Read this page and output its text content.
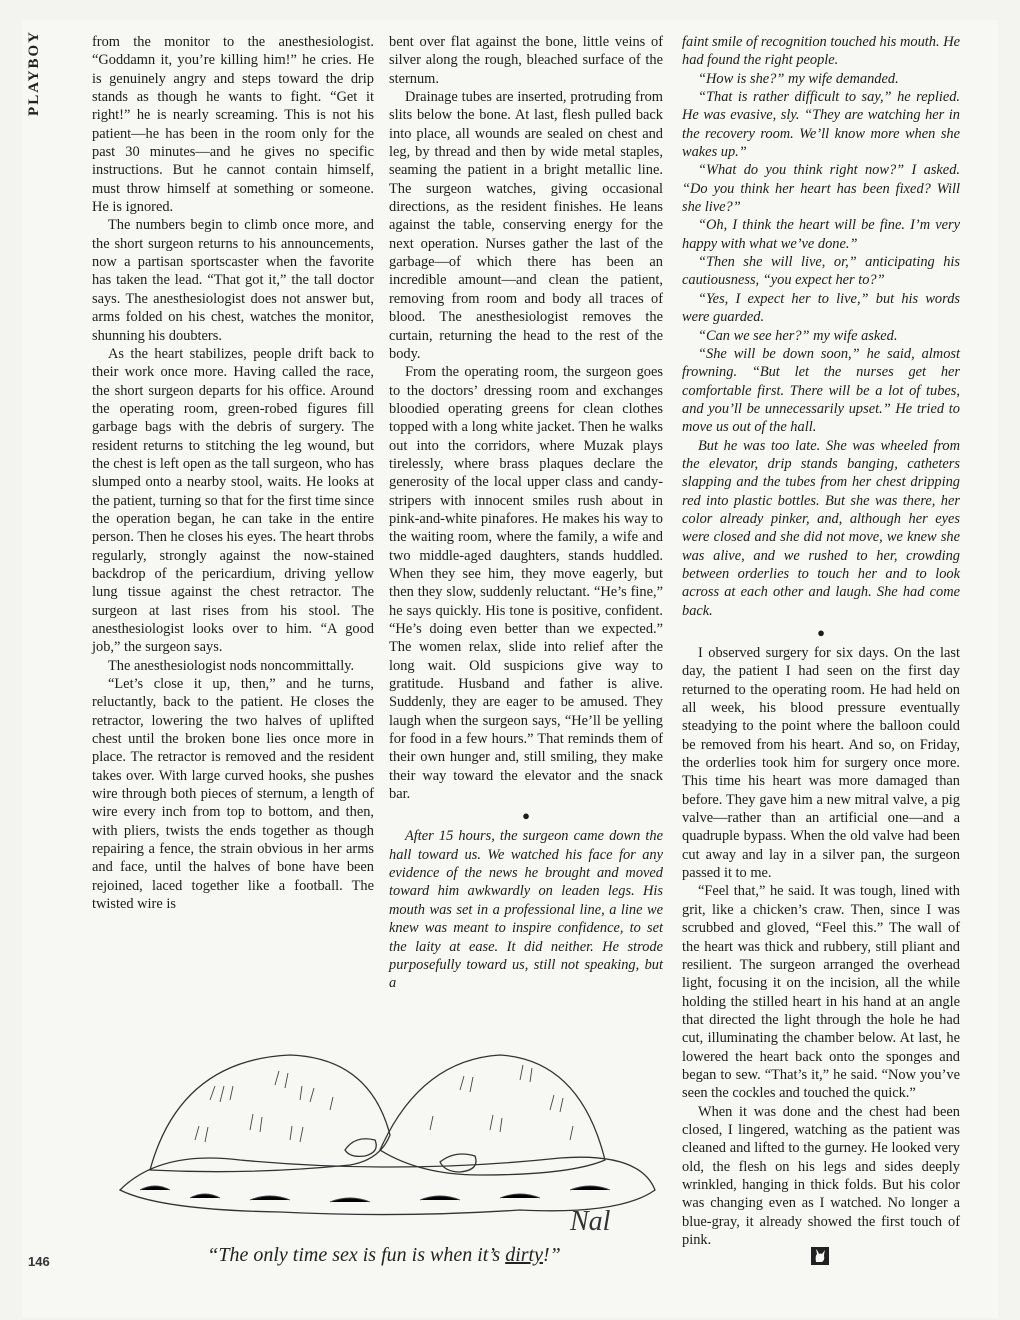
PLAYBOY	from the monitor to the anesthesiologist. “Goddamn it, you’re killing him!” he cries. He is genuinely angry and steps toward the drip stands as though he wants to fight. “Get it right!” he is nearly screaming. This is not his patient—he has been in the room only for the past 30 minutes—and he gives no specific instructions. But he cannot contain himself, must throw himself at something or someone. He is ignored.

The numbers begin to climb once more, and the short surgeon returns to his announcements, now a partisan sportscaster when the favorite has taken the lead. “That got it,” the tall doctor says. The anesthesiologist does not answer but, arms folded on his chest, watches the monitor, shunning his doubters.

As the heart stabilizes, people drift back to their work once more. Having called the race, the short surgeon departs for his office. Around the operating room, green-robed figures fill garbage bags with the debris of surgery. The resident returns to stitching the leg wound, but the chest is left open as the tall surgeon, who has slumped onto a nearby stool, waits. He looks at the patient, turning so that for the first time since the operation began, he can take in the entire person. Then he closes his eyes. The heart throbs regularly, strongly against the now-stained backdrop of the pericardium, driving yellow lung tissue against the chest retractor. The surgeon at last rises from his stool. The anesthesiologist looks over to him. “A good job,” the surgeon says.

The anesthesiologist nods noncommittally.

“Let’s close it up, then,” and he turns, reluctantly, back to the patient. He closes the retractor, lowering the two halves of uplifted chest until the broken bone lies once more in place. The retractor is removed and the resident takes over. With large curved hooks, she pushes wire through both pieces of sternum, a length of wire every inch from top to bottom, and then, with pliers, twists the ends together as though repairing a fence, the strain obvious in her arms and face, until the halves of bone have been rejoined, laced together like a football. The twisted wire is

bent over flat against the bone, little veins of silver along the rough, bleached surface of the sternum.

Drainage tubes are inserted, protruding from slits below the bone. At last, flesh pulled back into place, all wounds are sealed on chest and leg, by thread and then by wide metal staples, seaming the patient in a bright metallic line. The surgeon watches, giving occasional directions, as the resident finishes. He leans against the table, conserving energy for the next operation. Nurses gather the last of the garbage—of which there has been an incredible amount—and clean the patient, removing from room and body all traces of blood. The anesthesiologist removes the curtain, returning the head to the rest of the body.

From the operating room, the surgeon goes to the doctors’ dressing room and exchanges bloodied operating greens for clean clothes topped with a long white jacket. Then he walks out into the corridors, where Muzak plays tirelessly, where brass plaques declare the generosity of the local upper class and candy-stripers with innocent smiles rush about in pink-and-white pinafores. He makes his way to the waiting room, where the family, a wife and two middle-aged daughters, stands huddled. When they see him, they move eagerly, but then they slow, suddenly reluctant. “He’s fine,” he says quickly. His tone is positive, confident. “He’s doing even better than we expected.” The women relax, slide into relief after the long wait. Old suspicions give way to gratitude. Husband and father is alive. Suddenly, they are eager to be amused. They laugh when the surgeon says, “He’ll be yelling for food in a few hours.” That reminds them of their own hunger and, still smiling, they make their way toward the elevator and the snack bar.

●

After 15 hours, the surgeon came down the hall toward us. We watched his face for any evidence of the news he brought and moved toward him awkwardly on leaden legs. His mouth was set in a professional line, a line we knew was meant to inspire confidence, to set the laity at ease. It did neither. He strode purposefully toward us, still not speaking, but a

faint smile of recognition touched his mouth. He had found the right people.

“How is she?” my wife demanded.

“That is rather difficult to say,” he replied. He was evasive, sly. “They are watching her in the recovery room. We’ll know more when she wakes up.”

“What do you think right now?” I asked. “Do you think her heart has been fixed? Will she live?”

“Oh, I think the heart will be fine. I’m very happy with what we’ve done.”

“Then she will live, or,” anticipating his cautiousness, “you expect her to?”

“Yes, I expect her to live,” but his words were guarded.

“Can we see her?” my wife asked.

“She will be down soon,” he said, almost frowning. “But let the nurses get her comfortable first. There will be a lot of tubes, and you’ll be unnecessarily upset.” He tried to move us out of the hall.

But he was too late. She was wheeled from the elevator, drip stands banging, catheters slapping and the tubes from her chest dripping red into plastic bottles. But she was there, her color already pinker, and, although her eyes were closed and she did not move, we knew she was alive, and we rushed to her, crowding between orderlies to touch her and to look across at each other and laugh. She had come back.

●

I observed surgery for six days. On the last day, the patient I had seen on the first day returned to the operating room. He had held on all week, his blood pressure eventually steadying to the point where the balloon could be removed from his heart. And so, on Friday, the orderlies took him for surgery once more. This time his heart was more damaged than before. They gave him a new mitral valve, a pig valve—rather than an artificial one—and a quadruple bypass. When the old valve had been cut away and lay in a silver pan, the surgeon passed it to me.

“Feel that,” he said. It was tough, lined with grit, like a chicken’s craw. Then, since I was scrubbed and gloved, “Feel this.” The wall of the heart was thick and rubbery, still pliant and resilient. The surgeon arranged the overhead light, focusing it on the incision, all the while holding the stilled heart in his hand at an angle that directed the light through the hole he had cut, illuminating the chamber below. At last, he lowered the heart back onto the sponges and began to sew. “That’s it,” he said. “Now you’ve seen the cockles and touched the quick.”

When it was done and the chest had been closed, I lingered, watching as the patient was cleaned and lifted to the gurney. He looked very old, the flesh on his legs and sides deeply wrinkled, hanging in thick folds. But his color was changing even as I watched. No longer a blue-gray, it already showed the first touch of pink.

Nal
“The only time sex is fun is when it’s dirty!”
146
